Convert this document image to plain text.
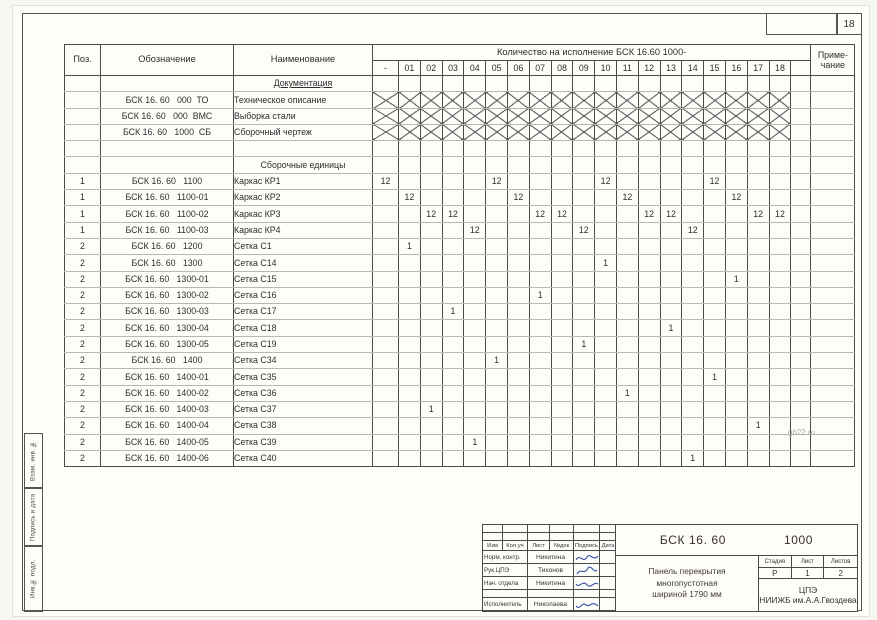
18
Взам. инв. №
Подпись и дата
Инв.№ подл.
Поз.	Обозначение	Наименование	Количество на исполнение БСК 16.60 1000-																				Приме-
чание

			-	01	02	03	04	05	06	07	08	09	10	11	12	13	14	15	16	17	18		
		Документация																					
	БСК 16. 60   000  ТО	Техническое описание																					
	БСК 16. 60   000  ВМС	Выборка стали																					
	БСК 16. 60   1000  СБ	Сборочный чертеж																					

		Сборочные единицы																					
1	БСК 16. 60   1100	Каркас КР1	12					12					12					12					
1	БСК 16. 60   1100-01	Каркас КР2		12					12					12					12				
1	БСК 16. 60   1100-02	Каркас КР3			12	12				12	12				12	12				12	12		
1	БСК 16. 60   1100-03	Каркас КР4					12					12					12						
2	БСК 16. 60   1200	Сетка С1		1																			
2	БСК 16. 60   1300	Сетка С14											1										
2	БСК 16. 60   1300-01	Сетка С15																	1				
2	БСК 16. 60   1300-02	Сетка С16								1													
2	БСК 16. 60   1300-03	Сетка С17				1																	
2	БСК 16. 60   1300-04	Сетка С18														1							
2	БСК 16. 60   1300-05	Сетка С19										1											
2	БСК 16. 60   1400	Сетка С34						1															
2	БСК 16. 60   1400-01	Сетка С35																1					
2	БСК 16. 60   1400-02	Сетка С36												1									
2	БСК 16. 60   1400-03	Сетка С37			1																		
2	БСК 16. 60   1400-04	Сетка С38																		1			
2	БСК 16. 60   1400-05	Сетка С39					1																
2	БСК 16. 60   1400-06	Сетка С40															1						
gb22.ru
Изм	Кол.уч	Лист	№док	Подпись Дата
Норм. контр.	Никитина
Рук.ЦПЭ	Тихонов
Нач. отдела	Никитина
Исполнитель	Николаева
БСК 16. 60	1000
Панель перекрытия
многопустотная
шириной 1790 мм
Стадия	Лист	Листов
Р	1	2
ЦПЭ
НИИЖБ им.А.А.Гвоздева
